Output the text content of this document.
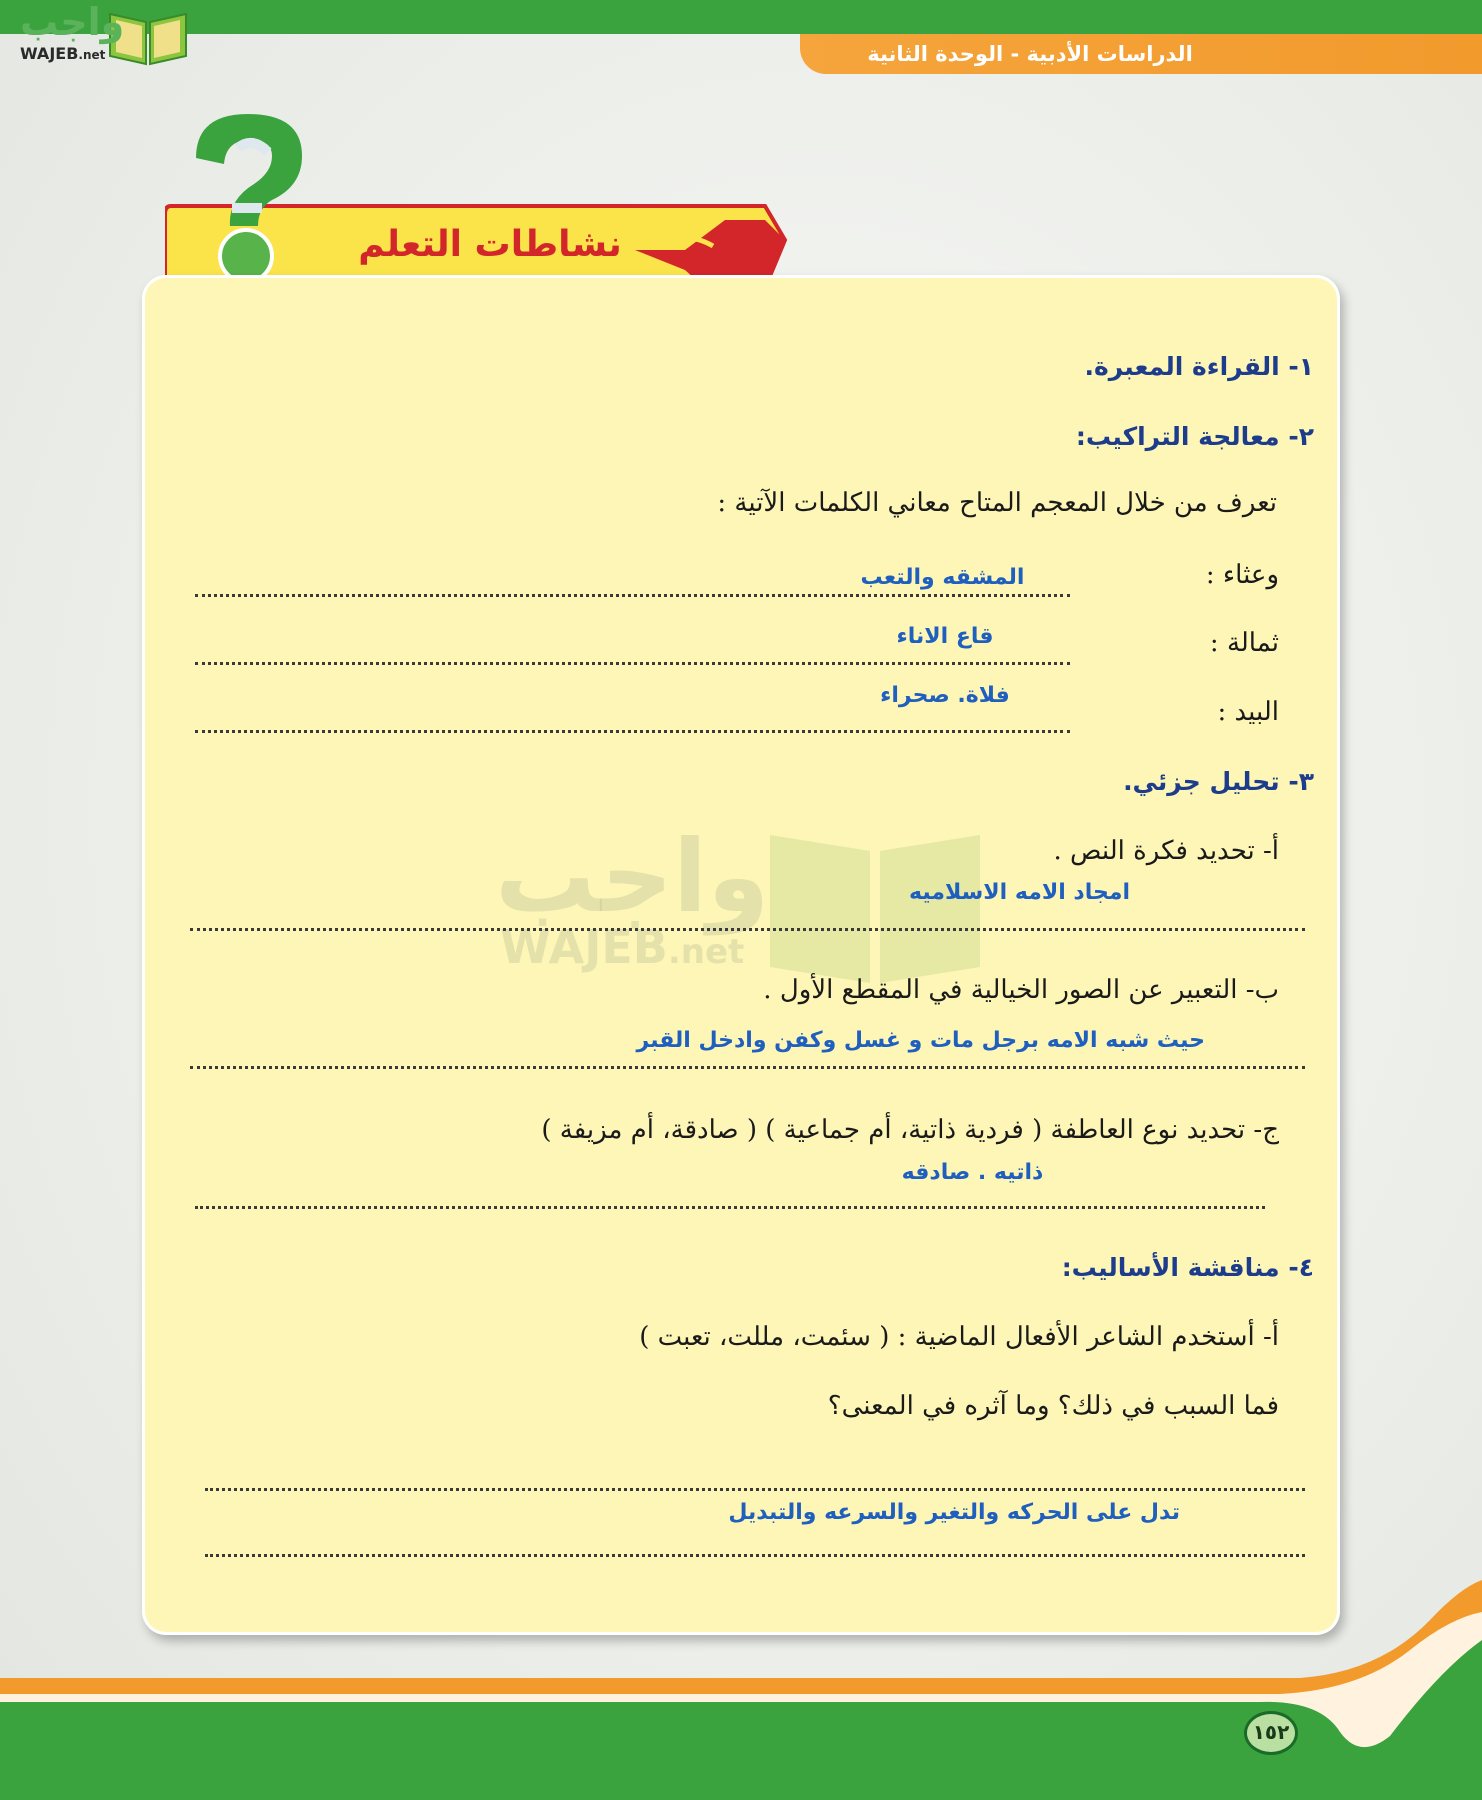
الدراسات الأدبية - الوحدة الثانية
واجب
WAJEB.net
نشاطات التعلم
واجب
WAJEB.net
١- القراءة المعبرة.
٢- معالجة التراكيب:
تعرف من خلال المعجم المتاح معاني الكلمات الآتية :
وعثاء :
المشقه والتعب
ثمالة :
قاع الاناء
البيد :
فلاة. صحراء
٣- تحليل جزئي.
أ- تحديد فكرة النص .
امجاد الامه الاسلاميه
ب- التعبير عن الصور الخيالية في المقطع الأول .
حيث شبه الامه برجل مات و غسل وكفن وادخل القبر
ج- تحديد نوع العاطفة ( فردية ذاتية، أم جماعية ) ( صادقة، أم مزيفة )
ذاتيه . صادقه
٤- مناقشة الأساليب:
أ- أستخدم الشاعر الأفعال الماضية : ( سئمت، مللت، تعبت )
فما السبب في ذلك؟ وما آثره في المعنى؟
تدل على الحركه والتغير والسرعه والتبديل
١٥٢
